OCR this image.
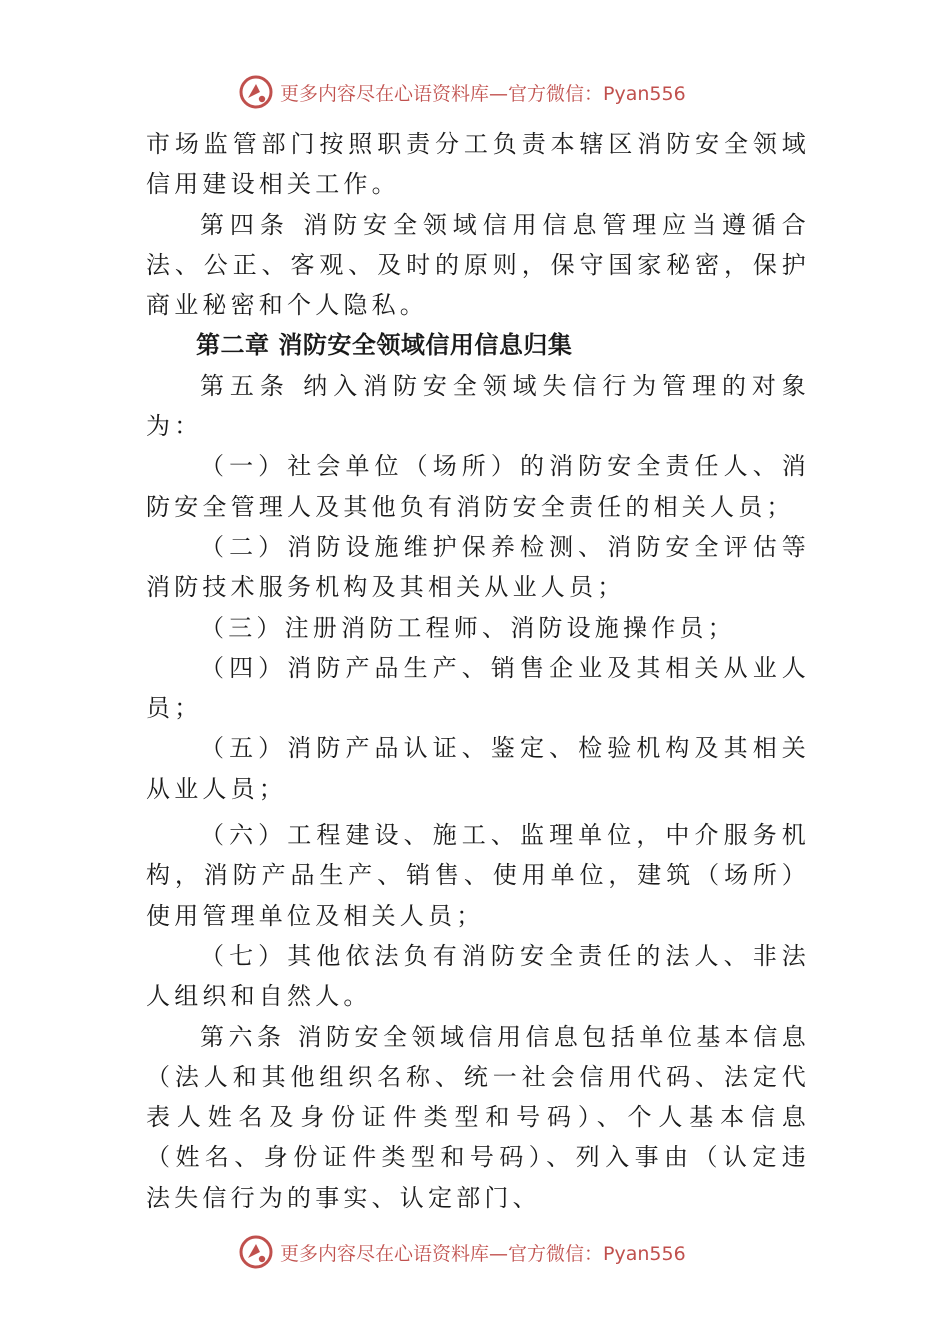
更多内容尽在心语资料库—官方微信：Pyan556

市场监管部门按照职责分工负责本辖区消防安全领域信用建设相关工作。

第四条 消防安全领域信用信息管理应当遵循合法、公正、客观、及时的原则，保守国家秘密，保护商业秘密和个人隐私。

第二章 消防安全领域信用信息归集

第五条 纳入消防安全领域失信行为管理的对象为：

（一）社会单位（场所）的消防安全责任人、消防安全管理人及其他负有消防安全责任的相关人员；

（二）消防设施维护保养检测、消防安全评估等消防技术服务机构及其相关从业人员；

（三）注册消防工程师、消防设施操作员；

（四）消防产品生产、销售企业及其相关从业人员；

（五）消防产品认证、鉴定、检验机构及其相关从业人员；

（六）工程建设、施工、监理单位，中介服务机构，消防产品生产、销售、使用单位，建筑（场所）使用管理单位及相关人员；

（七）其他依法负有消防安全责任的法人、非法人组织和自然人。

第六条 消防安全领域信用信息包括单位基本信息（法人和其他组织名称、统一社会信用代码、法定代表人姓名及身份证件类型和号码）、个人基本信息（姓名、身份证件类型和号码）、列入事由（认定违法失信行为的事实、认定部门、

更多内容尽在心语资料库—官方微信：Pyan556
